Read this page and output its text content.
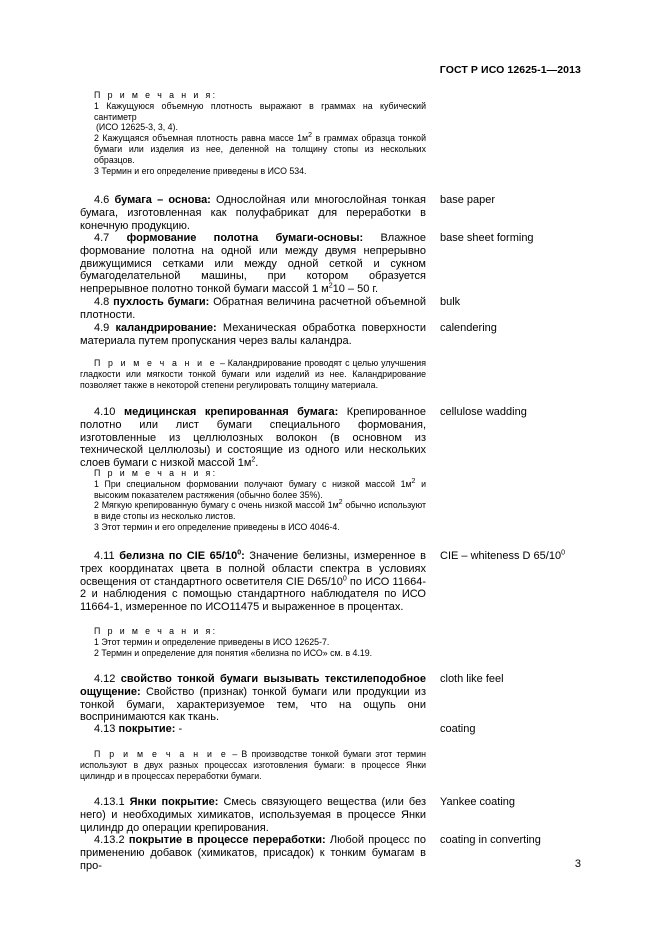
ГОСТ Р ИСО 12625-1—2013

П р и м е ч а н и я:

1 Кажущуюся объемную плотность выражают в граммах на кубический сантиметр

(ИСО 12625-3, 3, 4).

2 Кажущаяся объемная плотность равна массе $1м^2$ в граммах образца тонкой бумаги или изделия из нее, деленной на толщину стопы из нескольких образцов.

3 Термин и его определение приведены в ИСО 534.

4.6 бумага – основа: Однослойная или многослойная тонкая бумага, изготовленная как полуфабрикат для переработки в конечную продукцию.

base paper

4.7 формование полотна бумаги-основы: Влажное формование полотна на одной или между двумя непрерывно движущимися сетками или между одной сеткой и сукном бумагоделательной машины, при котором образуется непрерывное полотно тонкой бумаги массой 1 $м^210 - 50$ г.

base sheet forming

4.8 пухлость бумаги: Обратная величина расчетной объемной плотности.

bulk

4.9 каландрирование: Механическая обработка поверхности материала путем пропускания через валы каландра.

calendering

П р и м е ч а н и е – Каландрирование проводят с целью улучшения гладкости или мягкости тонкой бумаги или изделий из нее. Каландрирование позволяет также в некоторой степени регулировать толщину материала.

4.10 медицинская крепированная бумага: Крепированное полотно или лист бумаги специального формования, изготовленные из целлюлозных волокон (в основном из технической целлюлозы) и состоящие из одного или нескольких слоев бумаги с низкой массой $1м^2$.

cellulose wadding

П р и м е ч а н и я:

1 При специальном формовании получают бумагу с низкой массой $1м^2$ и высоким показателем растяжения (обычно более 35%).

2 Мягкую крепированную бумагу с очень низкой массой $1м^2$ обычно используют в виде стопы из несколько листов.

3 Этот термин и его определение приведены в ИСО 4046-4.

4.11 белизна по CIE $65/10^0$: Значение белизны, измеренное в трех координатах цвета в полной области спектра в условиях освещения от стандартного осветителя CIE $D65/10^0$ по ИСО 11664-2 и наблюдения с помощью стандартного наблюдателя по ИСО 11664-1, измеренное по ИСО11475 и выраженное в процентах.

CIE – whiteness D $65/10^0$

П р и м е ч а н и я:

1 Этот термин и определение приведены в ИСО 12625-7.

2 Термин и определение для понятия «белизна по ИСО» см. в 4.19.

4.12 свойство тонкой бумаги вызывать текстилеподобное ощущение: Свойство (признак) тонкой бумаги или продукции из тонкой бумаги, характеризуемое тем, что на ощупь они воспринимаются как ткань.

cloth like feel

4.13 покрытие: -	coating

П р и м е ч а н и е – В производстве тонкой бумаги этот термин используют в двух разных процессах изготовления бумаги: в процессе Янки цилиндр и в процессах переработки бумаги.

4.13.1 Янки покрытие: Смесь связующего вещества (или без него) и необходимых химикатов, используемая в процессе Янки цилиндр до операции крепирования.

Yankee coating

4.13.2 покрытие в процессе переработки: Любой процесс по применению добавок (химикатов, присадок) к тонким бумагам в про-

coating in converting
3
